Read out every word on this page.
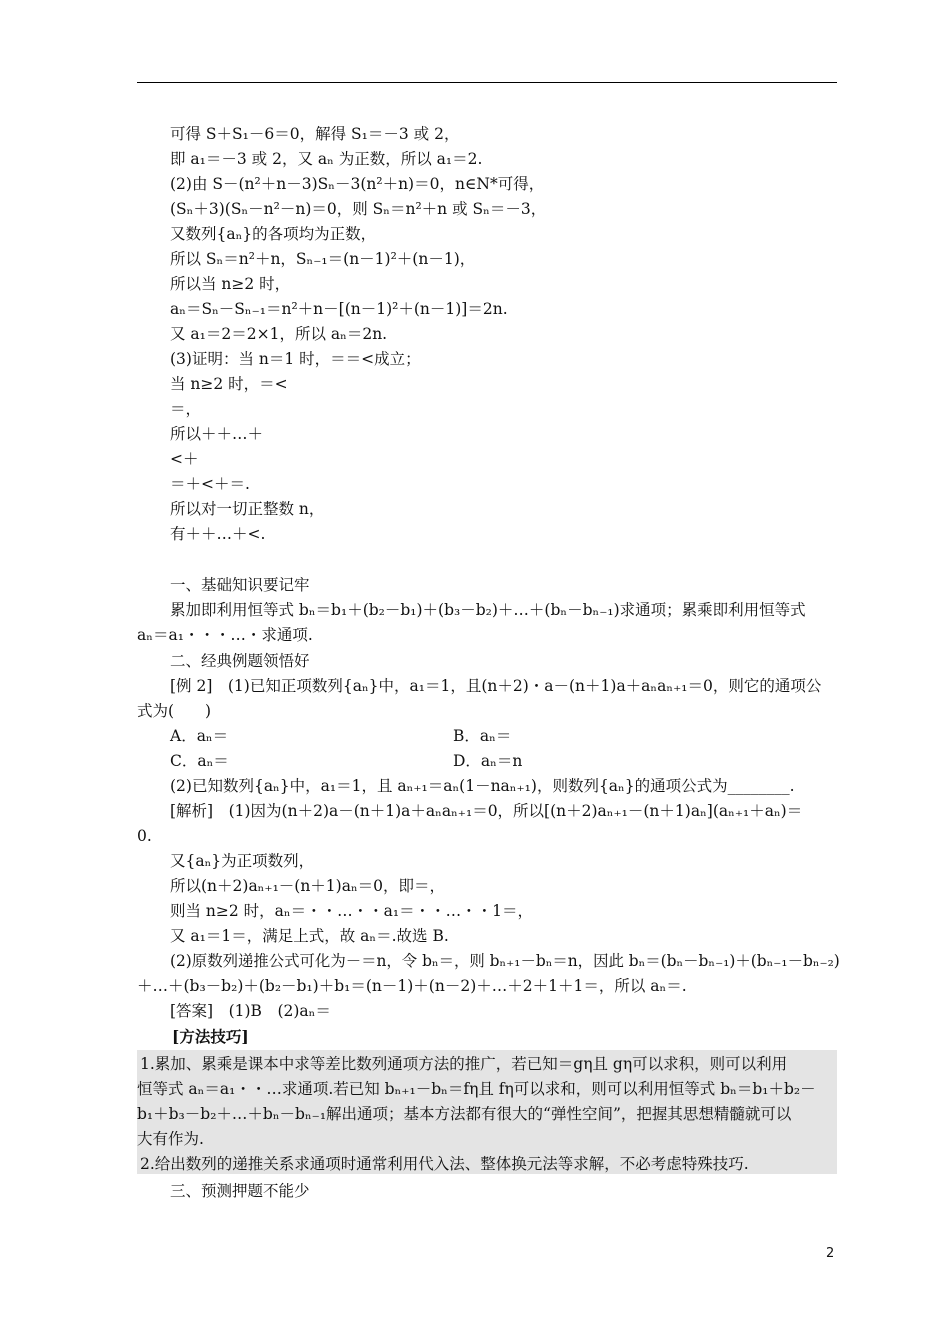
可得 S＋S₁－6＝0，解得 S₁＝－3 或 2，
即 a₁＝－3 或 2，又 aₙ 为正数，所以 a₁＝2.
(2)由 S－(n²＋n－3)Sₙ－3(n²＋n)＝0，n∈N*可得，
(Sₙ＋3)(Sₙ－n²－n)＝0，则 Sₙ＝n²＋n 或 Sₙ＝－3，
又数列{aₙ}的各项均为正数，
所以 Sₙ＝n²＋n，Sₙ₋₁＝(n－1)²＋(n－1)，
所以当 n≥2 时，
aₙ＝Sₙ－Sₙ₋₁＝n²＋n－[(n－1)²＋(n－1)]＝2n.
又 a₁＝2＝2×1，所以 aₙ＝2n.
(3)证明：当 n＝1 时，＝＝<成立；
当 n≥2 时，＝<
＝，
所以＋＋…＋
<＋
＝＋<＋＝.
所以对一切正整数 n，
有＋＋…＋<.
一、基础知识要记牢
累加即利用恒等式 bₙ＝b₁＋(b₂－b₁)＋(b₃－b₂)＋…＋(bₙ－bₙ₋₁)求通项；累乘即利用恒等式
aₙ＝a₁・・・…・求通项.
二、经典例题领悟好
[例 2]　(1)已知正项数列{aₙ}中，a₁＝1，且(n＋2)・a－(n＋1)a＋aₙaₙ₊₁＝0，则它的通项公
式为(　　)
A．aₙ＝	B．aₙ＝
C．aₙ＝	D．aₙ＝n
(2)已知数列{aₙ}中，a₁＝1，且 aₙ₊₁＝aₙ(1－naₙ₊₁)，则数列{aₙ}的通项公式为________.
[解析]　(1)因为(n＋2)a－(n＋1)a＋aₙaₙ₊₁＝0，所以[(n＋2)aₙ₊₁－(n＋1)aₙ](aₙ₊₁＋aₙ)＝
0.
又{aₙ}为正项数列，
所以(n＋2)aₙ₊₁－(n＋1)aₙ＝0，即＝，
则当 n≥2 时，aₙ＝・・…・・a₁＝・・…・・1＝，
又 a₁＝1＝，满足上式，故 aₙ＝.故选 B.
(2)原数列递推公式可化为－＝n，令 bₙ＝，则 bₙ₊₁－bₙ＝n，因此 bₙ＝(bₙ－bₙ₋₁)＋(bₙ₋₁－bₙ₋₂)
＋…＋(b₃－b₂)＋(b₂－b₁)＋b₁＝(n－1)＋(n－2)＋…＋2＋1＋1＝，所以 aₙ＝.
[答案]　(1)B　(2)aₙ＝
[方法技巧]
1.累加、累乘是课本中求等差比数列通项方法的推广，若已知＝gη且 gη可以求积，则可以利用
恒等式 aₙ＝a₁・・…求通项.若已知 bₙ₊₁－bₙ＝fη且 fη可以求和，则可以利用恒等式 bₙ＝b₁＋b₂－
b₁＋b₃－b₂＋…＋bₙ－bₙ₋₁解出通项；基本方法都有很大的“弹性空间”，把握其思想精髓就可以
大有作为.
2.给出数列的递推关系求通项时通常利用代入法、整体换元法等求解，不必考虑特殊技巧.
三、预测押题不能少
2
